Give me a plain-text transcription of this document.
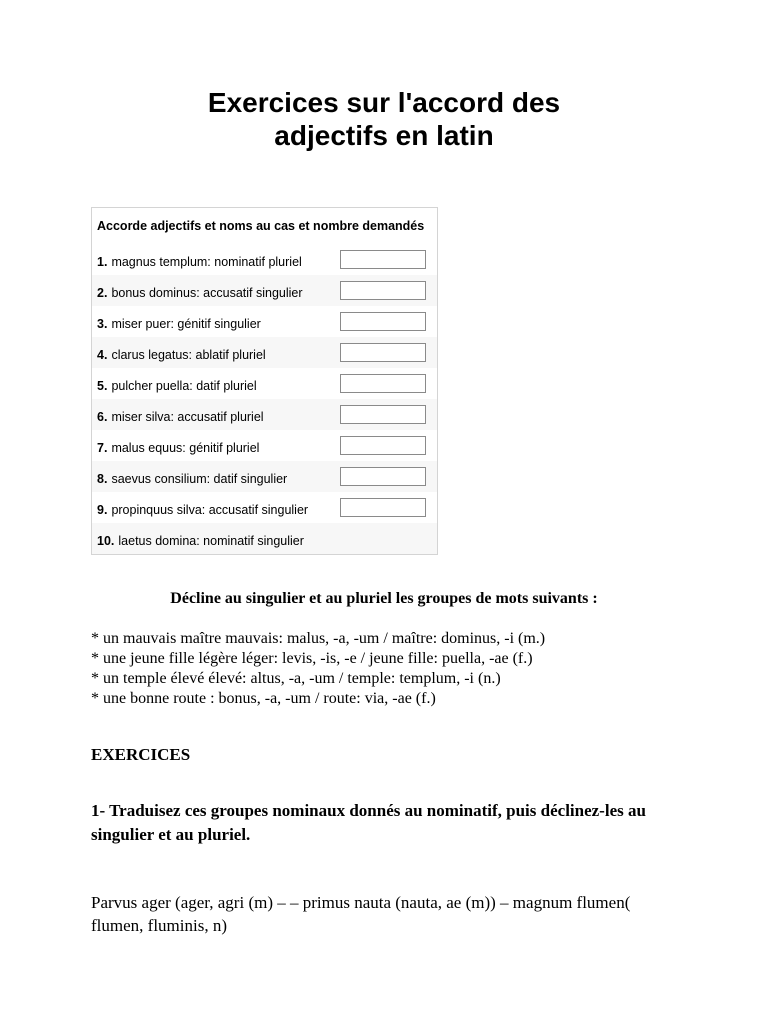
Exercices sur l'accord des
adjectifs en latin
Accorde adjectifs et noms au cas et nombre demandés
1. magnus templum: nominatif pluriel
2. bonus dominus: accusatif singulier
3. miser puer: génitif singulier
4. clarus legatus: ablatif pluriel
5. pulcher puella: datif pluriel
6. miser silva: accusatif pluriel
7. malus equus: génitif pluriel
8. saevus consilium: datif singulier
9. propinquus silva: accusatif singulier
10. laetus domina: nominatif singulier
Décline au singulier et au pluriel les groupes de mots suivants :
* un mauvais maître mauvais: malus, -a, -um / maître: dominus, -i (m.)
* une jeune fille légère léger: levis, -is, -e / jeune fille: puella, -ae (f.)
* un temple élevé élevé: altus, -a, -um / temple: templum, -i (n.)
* une bonne route : bonus, -a, -um / route: via, -ae (f.)
EXERCICES
1- Traduisez ces groupes nominaux donnés au nominatif, puis déclinez-les au singulier et au pluriel.
Parvus ager (ager, agri (m) – – primus nauta (nauta, ae (m)) – magnum flumen( flumen, fluminis, n)
